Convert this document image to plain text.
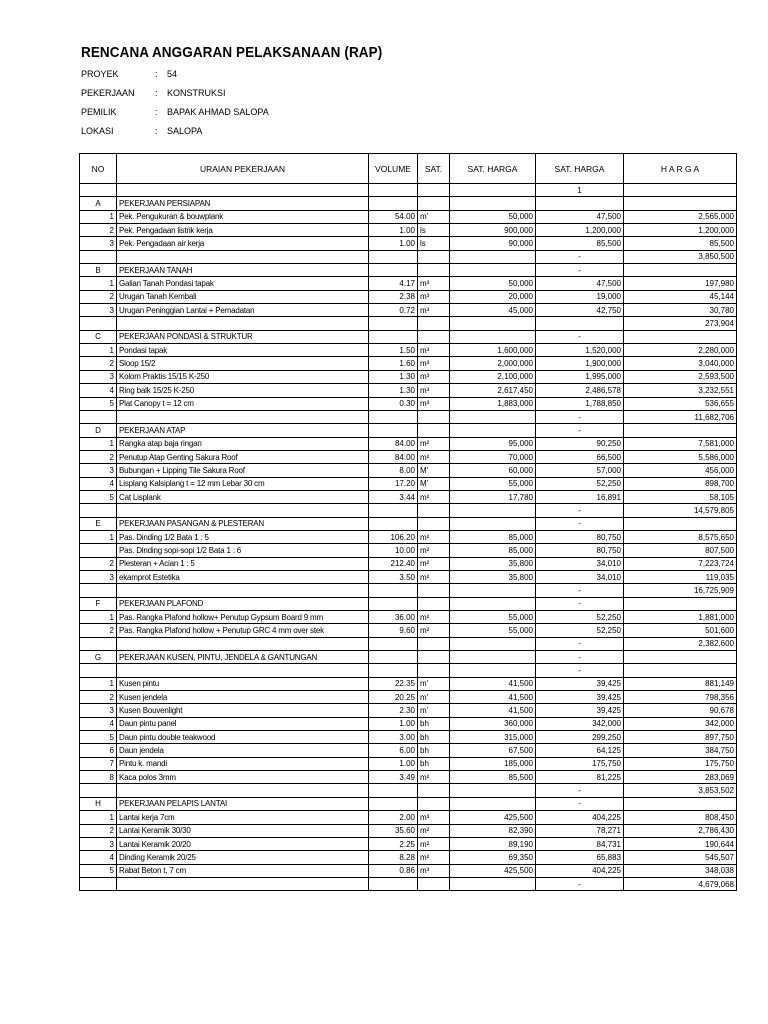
RENCANA ANGGARAN PELAKSANAAN (RAP)
PROYEK	: 54
PEKERJAAN : KONSTRUKSI
PEMILIK	: BAPAK AHMAD SALOPA
LOKASI	: SALOPA
NO	URAIAN PEKERJAAN	VOLUME	SAT.	SAT. HARGA	SAT. HARGA	H A R G A
					1	
A	PEKERJAAN PERSIAPAN					
1	Pek. Pengukuran & bouwplank	54.00	m'	50,000	47,500	2,565,000
2	Pek. Pengadaan listrik kerja	1.00	ls	900,000	1,200,000	1,200,000
3	Pek. Pengadaan air kerja	1.00	ls	90,000	85,500	85,500
					-	3,850,500
B	PEKERJAAN TANAH				-	
1	Galian Tanah Pondasi tapak	4.17	m³	50,000	47,500	197,980
2	Urugan Tanah Kembali	2.38	m³	20,000	19,000	45,144
3	Urugan Peninggian Lantai + Pemadatan	0.72	m³	45,000	42,750	30,780
						273,904
C	PEKERJAAN PONDASI & STRUKTUR				-	
1	Pondasi tapak	1.50	m³	1,600,000	1,520,000	2,280,000
2	Sloop 15/2	1.60	m³	2,000,000	1,900,000	3,040,000
3	Kolom Praktis 15/15 K-250	1.30	m³	2,100,000	1,995,000	2,593,500
4	Ring balk 15/25 K-250	1.30	m³	2,617,450	2,486,578	3,232,551
5	Plat Canopy t = 12 cm	0.30	m³	1,883,000	1,788,850	536,655
					-	11,682,706
D	PEKERJAAN ATAP				-	
1	Rangka atap baja ringan	84.00	m²	95,000	90,250	7,581,000
2	Penutup Atap Genting Sakura Roof	84.00	m²	70,000	66,500	5,586,000
3	Bubungan + Lipping Tile Sakura Roof	8.00	M'	60,000	57,000	456,000
4	Lisplang Kalsiplang t = 12 mm Lebar 30 cm	17.20	M'	55,000	52,250	898,700
5	Cat Lisplank	3.44	m²	17,780	16,891	58,105
					-	14,579,805
E	PEKERJAAN PASANGAN & PLESTERAN				-	
1	Pas. Dinding 1/2 Bata 1 : 5	106.20	m²	85,000	80,750	8,575,650
	Pas. Dinding sopi-sopi 1/2 Bata 1 : 6	10.00	m²	85,000	80,750	807,500
2	Plesteran + Acian 1 : 5	212.40	m²	35,800	34,010	7,223,724
3	ekamprot Estetika	3.50	m²	35,800	34,010	119,035
					-	16,725,909
F	PEKERJAAN PLAFOND				-	
1	Pas. Rangka Plafond hollow+ Penutup Gypsum Board 9 mm	36.00	m²	55,000	52,250	1,881,000
2	Pas. Rangka Plafond hollow + Penutup GRC 4 mm over stek	9.60	m²	55,000	52,250	501,600
					-	2,382,600
G	PEKERJAAN KUSEN, PINTU, JENDELA & GANTUNGAN				-	
					-	
1	Kusen pintu	22.35	m'	41,500	39,425	881,149
2	Kusen jendela	20.25	m'	41,500	39,425	798,356
3	Kusen Bouvenlight	2.30	m'	41,500	39,425	90,678
4	Daun pintu panel	1.00	bh	360,000	342,000	342,000
5	Daun pintu double teakwood	3.00	bh	315,000	299,250	897,750
6	Daun jendela	6.00	bh	67,500	64,125	384,750
7	Pintu k. mandi	1.00	bh	185,000	175,750	175,750
8	Kaca polos 3mm	3.49	m²	85,500	81,225	283,069
					-	3,853,502
H	PEKERJAAN PELAPIS LANTAI				-	
1	Lantai kerja 7cm	2.00	m³	425,500	404,225	808,450
2	Lantai Keramik 30/30	35.60	m²	82,390	78,271	2,786,430
3	Lantai Keramik 20/20	2.25	m²	89,190	84,731	190,644
4	Dinding Keramik 20/25	8.28	m²	69,350	65,883	545,507
5	Rabat Beton t, 7 cm	0.86	m³	425,500	404,225	348,038
					-	4,679,068
